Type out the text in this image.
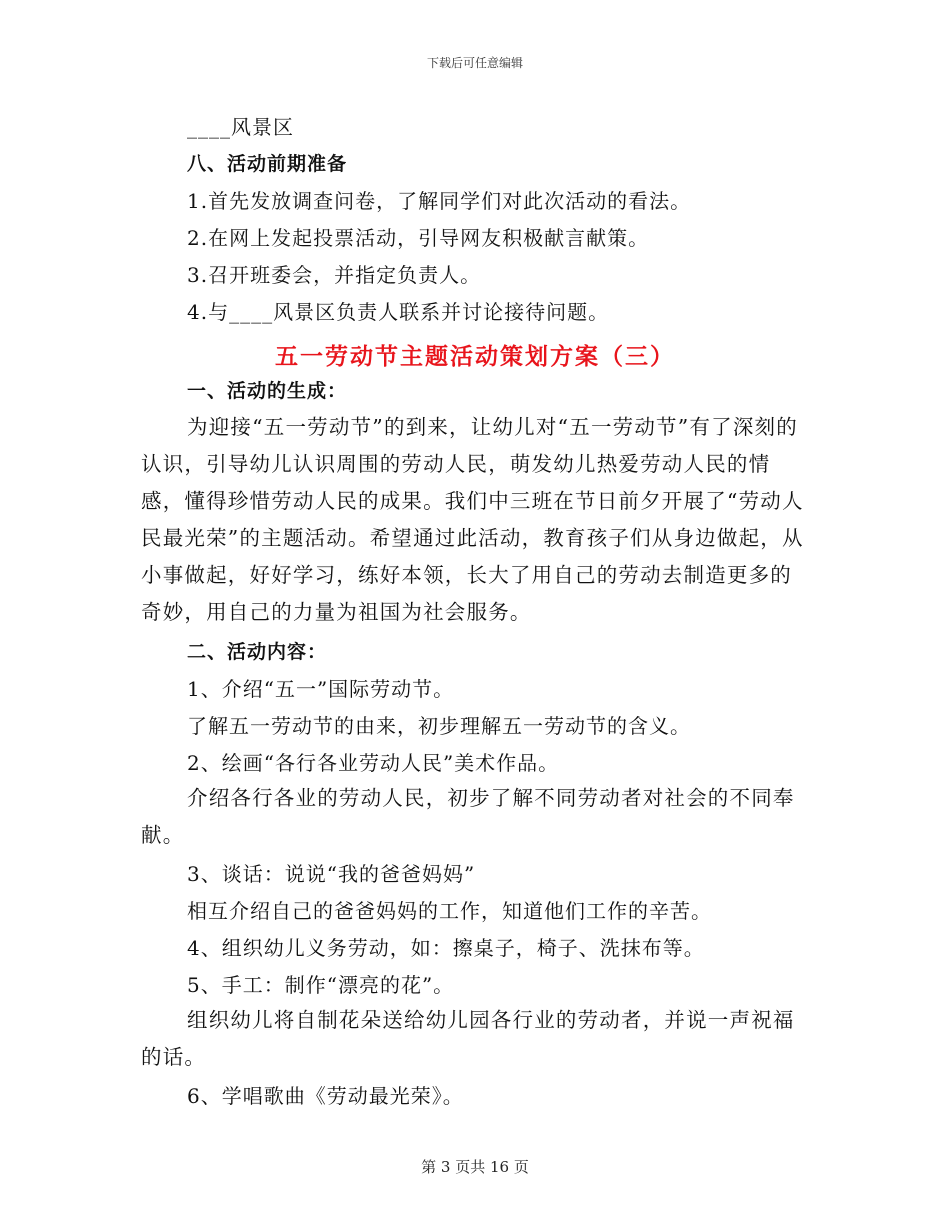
下载后可任意编辑
____风景区
八、活动前期准备
1.首先发放调查问卷，了解同学们对此次活动的看法。
2.在网上发起投票活动，引导网友积极献言献策。
3.召开班委会，并指定负责人。
4.与____风景区负责人联系并讨论接待问题。
五一劳动节主题活动策划方案（三）
一、活动的生成：

为迎接“五一劳动节”的到来，让幼儿对“五一劳动节”有了深刻的认识，引导幼儿认识周围的劳动人民，萌发幼儿热爱劳动人民的情感，懂得珍惜劳动人民的成果。我们中三班在节日前夕开展了“劳动人民最光荣”的主题活动。希望通过此活动，教育孩子们从身边做起，从小事做起，好好学习，练好本领，长大了用自己的劳动去制造更多的奇妙，用自己的力量为祖国为社会服务。

二、活动内容：
1、介绍“五一”国际劳动节。
了解五一劳动节的由来，初步理解五一劳动节的含义。
2、绘画“各行各业劳动人民”美术作品。

介绍各行各业的劳动人民，初步了解不同劳动者对社会的不同奉献。

3、谈话：说说“我的爸爸妈妈”
相互介绍自己的爸爸妈妈的工作，知道他们工作的辛苦。
4、组织幼儿义务劳动，如：擦桌子，椅子、洗抹布等。
5、手工：制作“漂亮的花”。

组织幼儿将自制花朵送给幼儿园各行业的劳动者，并说一声祝福的话。

6、学唱歌曲《劳动最光荣》。
第 3 页共 16 页
